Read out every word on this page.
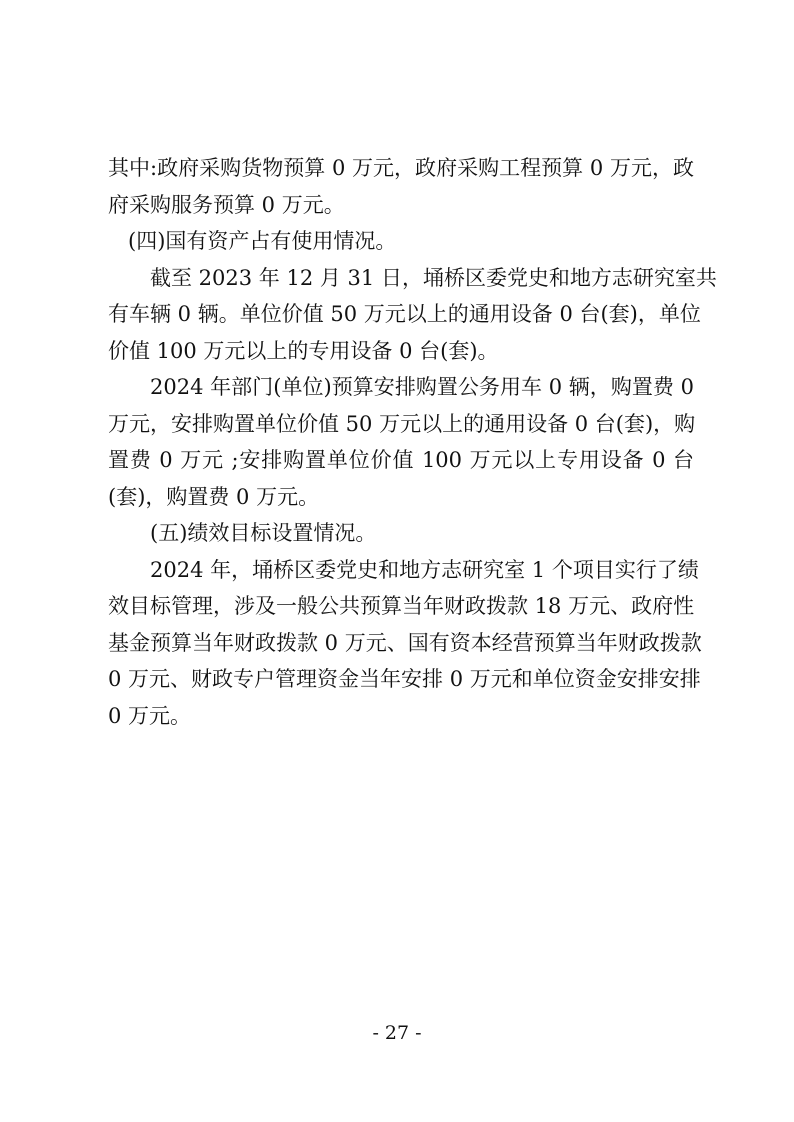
其中:政府采购货物预算 0 万元，政府采购工程预算 0 万元，政

府采购服务预算 0 万元。

(四)国有资产占有使用情况。

截至 2023 年 12 月 31 日，埇桥区委党史和地方志研究室共

有车辆 0 辆。单位价值 50 万元以上的通用设备 0 台(套)，单位

价值 100 万元以上的专用设备 0 台(套)。

2024 年部门(单位)预算安排购置公务用车 0 辆，购置费 0

万元，安排购置单位价值 50 万元以上的通用设备 0 台(套)，购

置费 0 万元 ;安排购置单位价值 100 万元以上专用设备 0 台

(套)，购置费 0 万元。

(五)绩效目标设置情况。

2024 年，埇桥区委党史和地方志研究室 1 个项目实行了绩

效目标管理，涉及一般公共预算当年财政拨款 18 万元、政府性

基金预算当年财政拨款 0 万元、国有资本经营预算当年财政拨款

0 万元、财政专户管理资金当年安排 0 万元和单位资金安排安排

0 万元。

- 27 -
